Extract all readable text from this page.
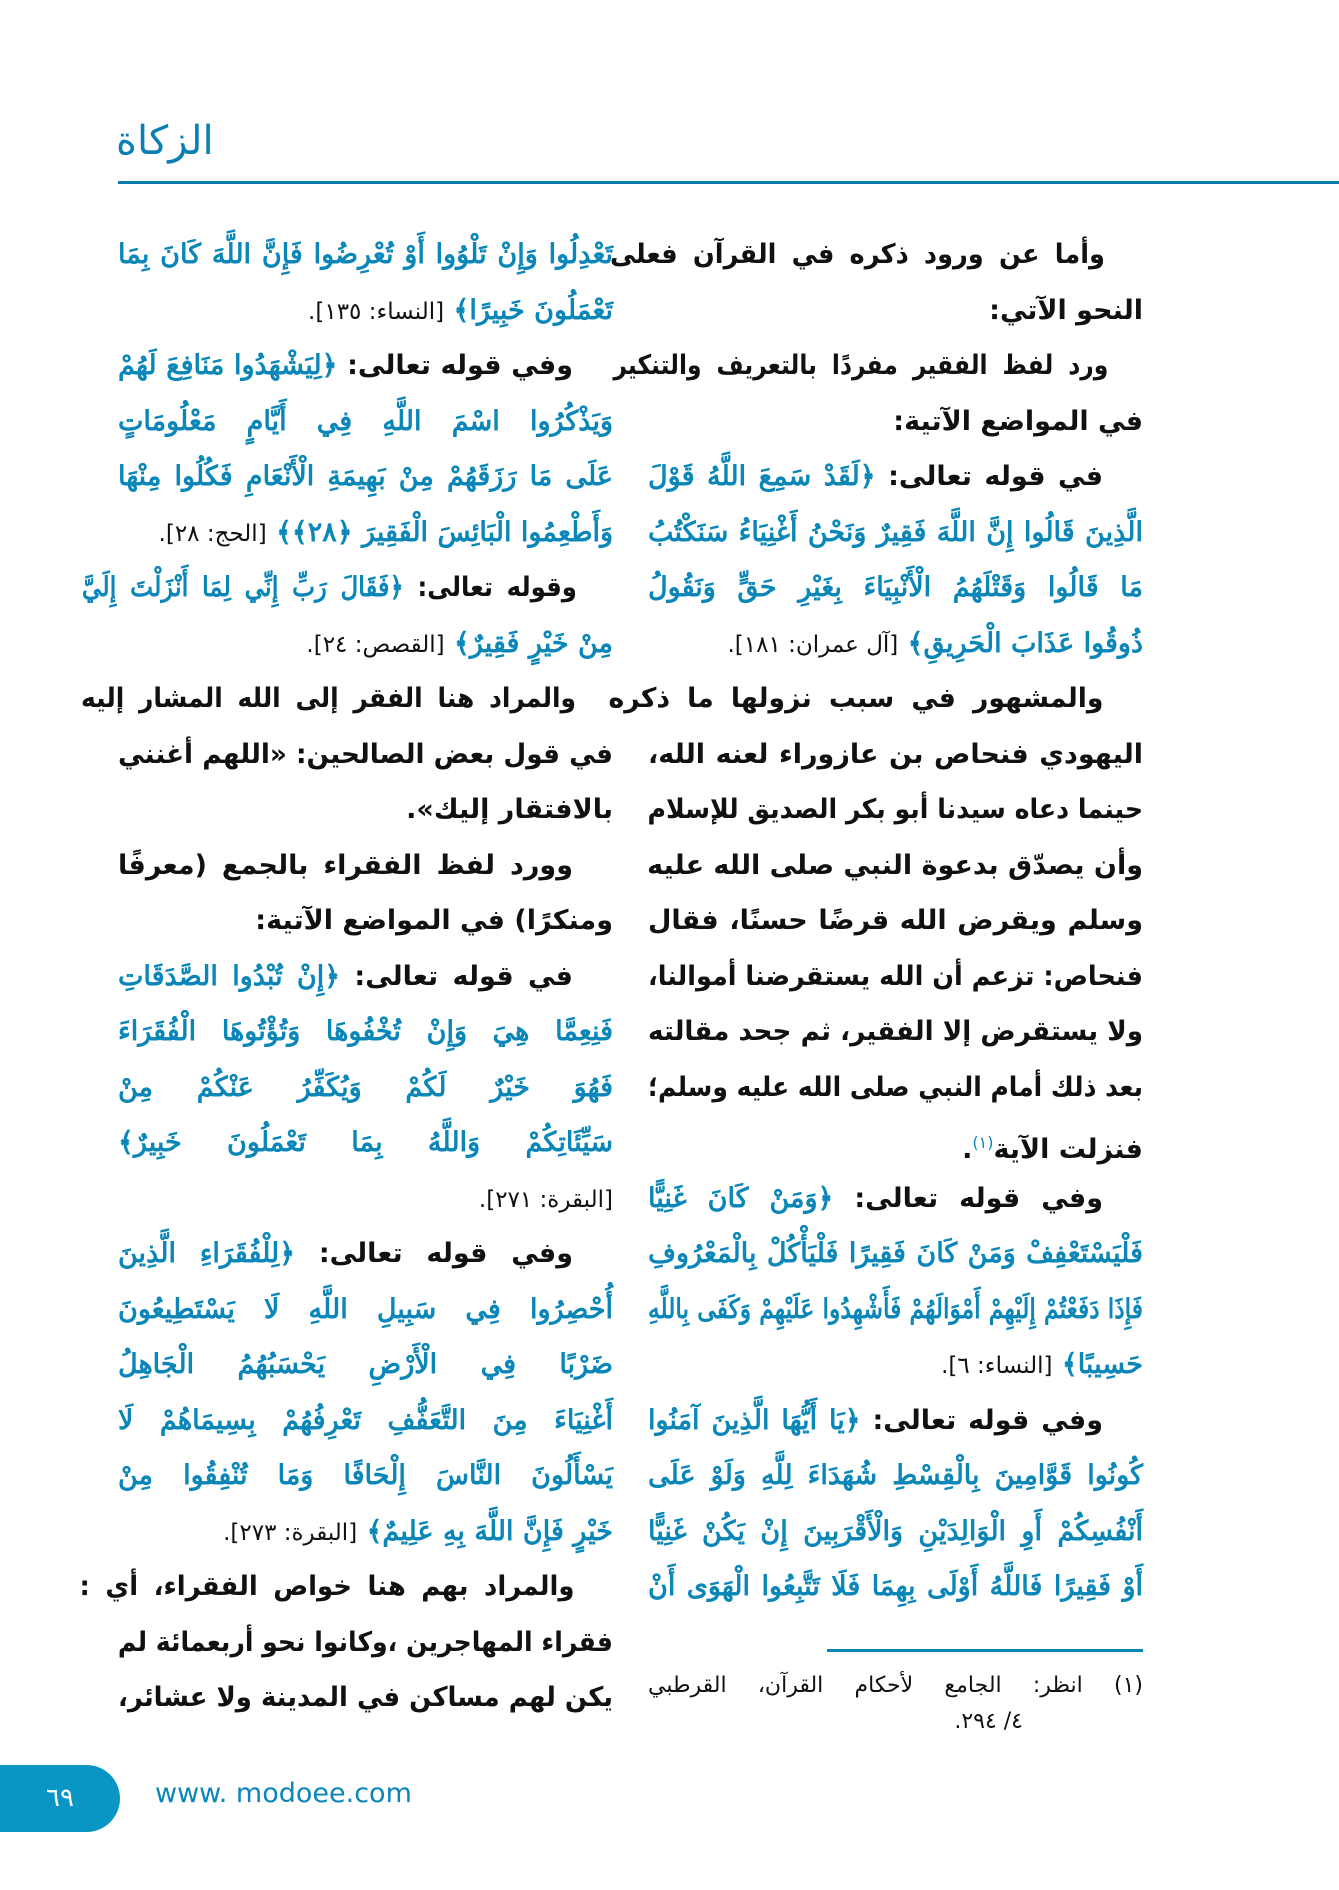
الزكاة
وأما عن ورود ذكره في القرآن فعلى
النحو الآتي:
ورد لفظ الفقير مفردًا بالتعريف والتنكير
في المواضع الآتية:
في قوله تعالى: ﴿لَقَدْ سَمِعَ اللَّهُ قَوْلَ
الَّذِينَ قَالُوا إِنَّ اللَّهَ فَقِيرٌ وَنَحْنُ أَغْنِيَاءُ سَنَكْتُبُ
مَا قَالُوا وَقَتْلَهُمُ الْأَنْبِيَاءَ بِغَيْرِ حَقٍّ وَنَقُولُ
ذُوقُوا عَذَابَ الْحَرِيقِ﴾ [آل عمران: ١٨١].
والمشهور في سبب نزولها ما ذكره
اليهودي فنحاص بن عازوراء لعنه الله،
حينما دعاه سيدنا أبو بكر الصديق للإسلام
وأن يصدّق بدعوة النبي صلى الله عليه
وسلم ويقرض الله قرضًا حسنًا، فقال
فنحاص: تزعم أن الله يستقرضنا أموالنا،
ولا يستقرض إلا الفقير، ثم جحد مقالته
بعد ذلك أمام النبي صلى الله عليه وسلم؛
فنزلت الآية$^{(١)}$.
وفي قوله تعالى: ﴿وَمَنْ كَانَ غَنِيًّا
فَلْيَسْتَعْفِفْ وَمَنْ كَانَ فَقِيرًا فَلْيَأْكُلْ بِالْمَعْرُوفِ
فَإِذَا دَفَعْتُمْ إِلَيْهِمْ أَمْوَالَهُمْ فَأَشْهِدُوا عَلَيْهِمْ وَكَفَى بِاللَّهِ
حَسِيبًا﴾ [النساء: ٦].
وفي قوله تعالى: ﴿يَا أَيُّهَا الَّذِينَ آمَنُوا
كُونُوا قَوَّامِينَ بِالْقِسْطِ شُهَدَاءَ لِلَّهِ وَلَوْ عَلَى
أَنْفُسِكُمْ أَوِ الْوَالِدَيْنِ وَالْأَقْرَبِينَ إِنْ يَكُنْ غَنِيًّا
أَوْ فَقِيرًا فَاللَّهُ أَوْلَى بِهِمَا فَلَا تَتَّبِعُوا الْهَوَى أَنْ
تَعْدِلُوا وَإِنْ تَلْوُوا أَوْ تُعْرِضُوا فَإِنَّ اللَّهَ كَانَ بِمَا
تَعْمَلُونَ خَبِيرًا﴾ [النساء: ١٣٥].
وفي قوله تعالى: ﴿لِيَشْهَدُوا مَنَافِعَ لَهُمْ
وَيَذْكُرُوا اسْمَ اللَّهِ فِي أَيَّامٍ مَعْلُومَاتٍ
عَلَى مَا رَزَقَهُمْ مِنْ بَهِيمَةِ الْأَنْعَامِ فَكُلُوا مِنْهَا
وَأَطْعِمُوا الْبَائِسَ الْفَقِيرَ ﴿٢٨﴾﴾ [الحج: ٢٨].
وقوله تعالى: ﴿فَقَالَ رَبِّ إِنِّي لِمَا أَنْزَلْتَ إِلَيَّ
مِنْ خَيْرٍ فَقِيرٌ﴾ [القصص: ٢٤].
والمراد هنا الفقر إلى الله المشار إليه
في قول بعض الصالحين: «اللهم أغنني
بالافتقار إليك».
وورد لفظ الفقراء بالجمع (معرفًا
ومنكرًا) في المواضع الآتية:
في قوله تعالى: ﴿إِنْ تُبْدُوا الصَّدَقَاتِ
فَنِعِمَّا هِيَ وَإِنْ تُخْفُوهَا وَتُؤْتُوهَا الْفُقَرَاءَ
فَهُوَ خَيْرٌ لَكُمْ وَيُكَفِّرُ عَنْكُمْ مِنْ
سَيِّئَاتِكُمْ وَاللَّهُ بِمَا تَعْمَلُونَ خَبِيرٌ﴾
[البقرة: ٢٧١].
وفي قوله تعالى: ﴿لِلْفُقَرَاءِ الَّذِينَ
أُحْصِرُوا فِي سَبِيلِ اللَّهِ لَا يَسْتَطِيعُونَ
ضَرْبًا فِي الْأَرْضِ يَحْسَبُهُمُ الْجَاهِلُ
أَغْنِيَاءَ مِنَ التَّعَفُّفِ تَعْرِفُهُمْ بِسِيمَاهُمْ لَا
يَسْأَلُونَ النَّاسَ إِلْحَافًا وَمَا تُنْفِقُوا مِنْ
خَيْرٍ فَإِنَّ اللَّهَ بِهِ عَلِيمٌ﴾ [البقرة: ٢٧٣].
والمراد بهم هنا خواص الفقراء، أي :
فقراء المهاجرين ،وكانوا نحو أربعمائة لم
يكن لهم مساكن في المدينة ولا عشائر، (١) انظر: الجامع لأحكام القرآن، القرطبي
٤/ ٢٩٤.
٦٩	www. modoee.com
